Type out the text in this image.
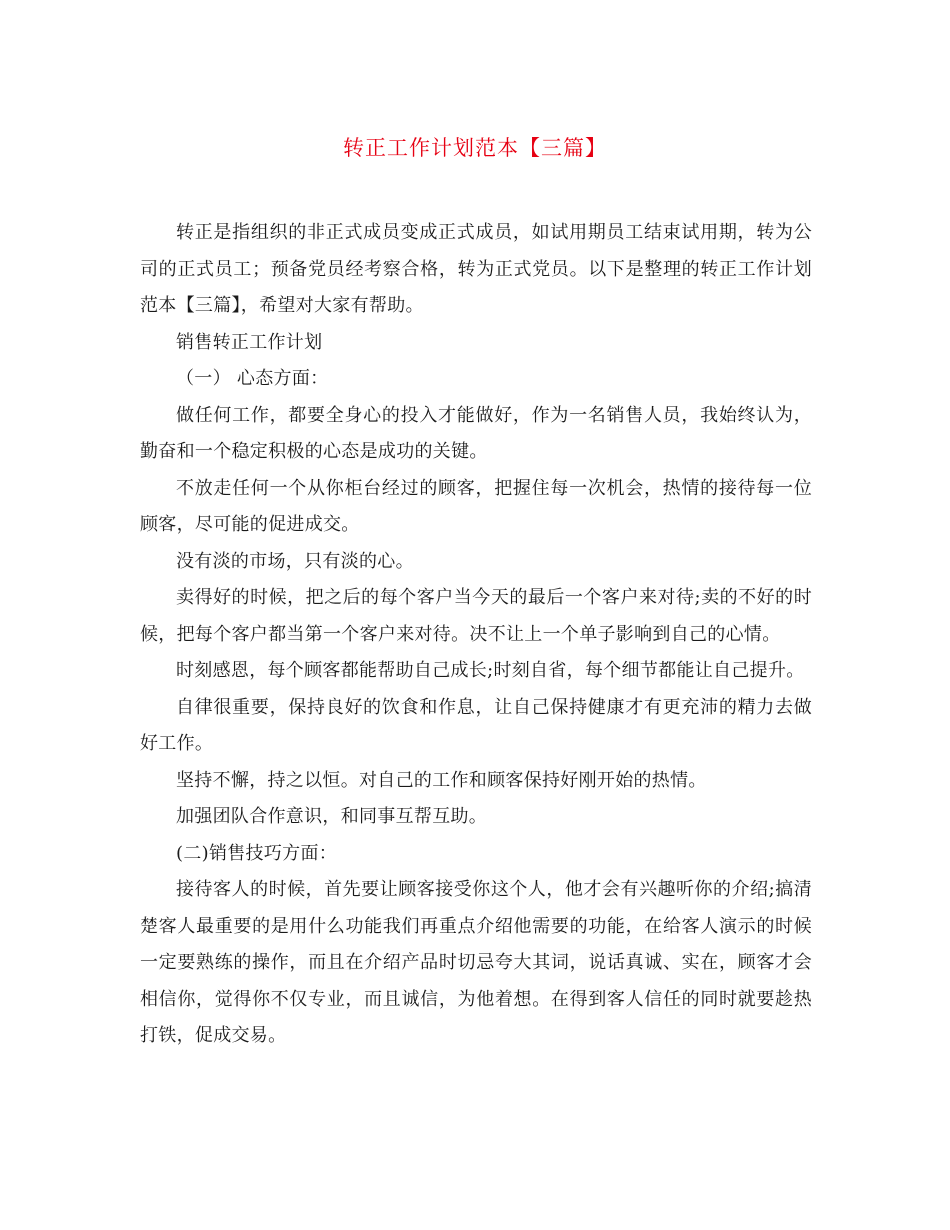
转正工作计划范本【三篇】

转正是指组织的非正式成员变成正式成员，如试用期员工结束试用期，转为公司的正式员工；预备党员经考察合格，转为正式党员。以下是整理的转正工作计划范本【三篇】，希望对大家有帮助。

销售转正工作计划

（一） 心态方面：

做任何工作，都要全身心的投入才能做好，作为一名销售人员，我始终认为，勤奋和一个稳定积极的心态是成功的关键。

不放走任何一个从你柜台经过的顾客，把握住每一次机会，热情的接待每一位顾客，尽可能的促进成交。

没有淡的市场，只有淡的心。

卖得好的时候，把之后的每个客户当今天的最后一个客户来对待;卖的不好的时候，把每个客户都当第一个客户来对待。决不让上一个单子影响到自己的心情。

时刻感恩，每个顾客都能帮助自己成长;时刻自省，每个细节都能让自己提升。

自律很重要，保持良好的饮食和作息，让自己保持健康才有更充沛的精力去做好工作。

坚持不懈，持之以恒。对自己的工作和顾客保持好刚开始的热情。

加强团队合作意识，和同事互帮互助。

(二)销售技巧方面：

接待客人的时候，首先要让顾客接受你这个人，他才会有兴趣听你的介绍;搞清楚客人最重要的是用什么功能我们再重点介绍他需要的功能，在给客人演示的时候一定要熟练的操作，而且在介绍产品时切忌夸大其词，说话真诚、实在，顾客才会相信你，觉得你不仅专业，而且诚信，为他着想。在得到客人信任的同时就要趁热打铁，促成交易。
